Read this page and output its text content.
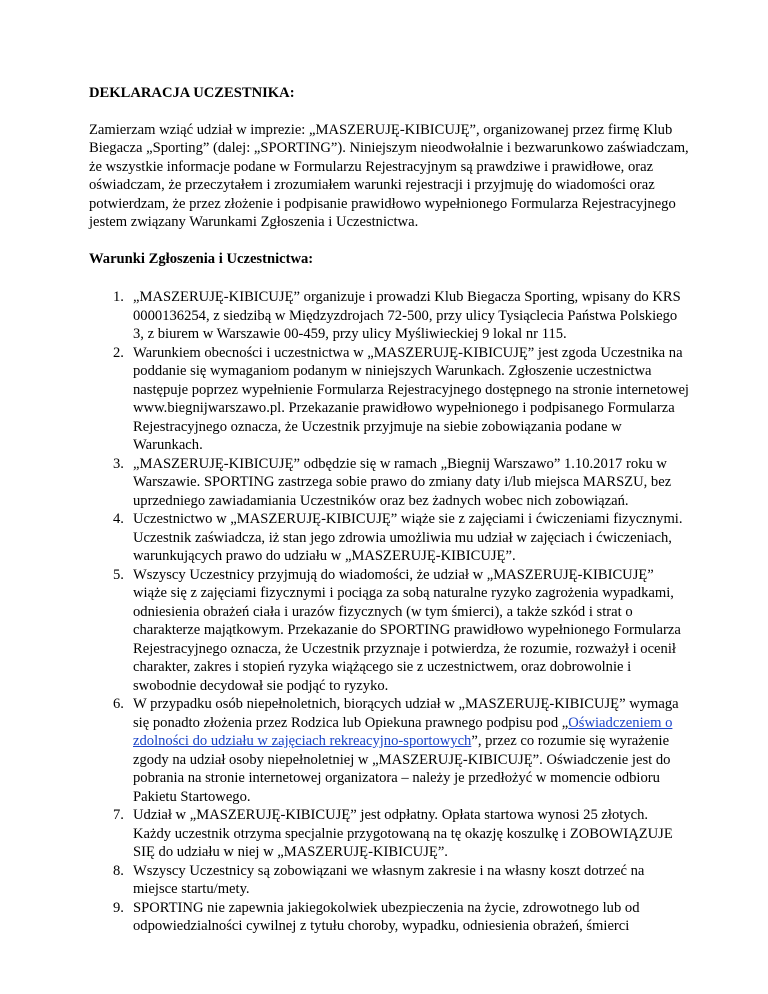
DEKLARACJA UCZESTNIKA:
Zamierzam wziąć udział w imprezie: „MASZERUJĘ-KIBICUJĘ”, organizowanej przez firmę Klub Biegacza „Sporting” (dalej: „SPORTING”). Niniejszym nieodwołalnie i bezwarunkowo zaświadczam, że wszystkie informacje podane w Formularzu Rejestracyjnym są prawdziwe i prawidłowe, oraz oświadczam, że przeczytałem i zrozumiałem warunki rejestracji i przyjmuję do wiadomości oraz potwierdzam, że przez złożenie i podpisanie prawidłowo wypełnionego Formularza Rejestracyjnego jestem związany Warunkami Zgłoszenia i Uczestnictwa.
Warunki Zgłoszenia i Uczestnictwa:
1. „MASZERUJĘ-KIBICUJĘ” organizuje i prowadzi Klub Biegacza Sporting, wpisany do KRS 0000136254, z siedzibą w Międzyzdrojach 72-500, przy ulicy Tysiąclecia Państwa Polskiego 3, z biurem w Warszawie 00-459, przy ulicy Myśliwieckiej 9 lokal nr 115.
2. Warunkiem obecności i uczestnictwa w „MASZERUJĘ-KIBICUJĘ” jest zgoda Uczestnika na poddanie się wymaganiom podanym w niniejszych Warunkach. Zgłoszenie uczestnictwa następuje poprzez wypełnienie Formularza Rejestracyjnego dostępnego na stronie internetowej www.biegnijwarszawo.pl. Przekazanie prawidłowo wypełnionego i podpisanego Formularza Rejestracyjnego oznacza, że Uczestnik przyjmuje na siebie zobowiązania podane w Warunkach.
3. „MASZERUJĘ-KIBICUJĘ” odbędzie się w ramach „Biegnij Warszawo” 1.10.2017 roku w Warszawie. SPORTING zastrzega sobie prawo do zmiany daty i/lub miejsca MARSZU, bez uprzedniego zawiadamiania Uczestników oraz bez żadnych wobec nich zobowiązań.
4. Uczestnictwo w „MASZERUJĘ-KIBICUJĘ” wiąże sie z zajęciami i ćwiczeniami fizycznymi. Uczestnik zaświadcza, iż stan jego zdrowia umożliwia mu udział w zajęciach i ćwiczeniach, warunkujących prawo do udziału w „MASZERUJĘ-KIBICUJĘ”.
5. Wszyscy Uczestnicy przyjmują do wiadomości, że udział w „MASZERUJĘ-KIBICUJĘ” wiąże się z zajęciami fizycznymi i pociąga za sobą naturalne ryzyko zagrożenia wypadkami, odniesienia obrażeń ciała i urazów fizycznych (w tym śmierci), a także szkód i strat o charakterze majątkowym. Przekazanie do SPORTING prawidłowo wypełnionego Formularza Rejestracyjnego oznacza, że Uczestnik przyznaje i potwierdza, że rozumie, rozważył i ocenił charakter, zakres i stopień ryzyka wiążącego sie z uczestnictwem, oraz dobrowolnie i swobodnie decydował sie podjąć to ryzyko.
6. W przypadku osób niepełnoletnich, biorących udział w „MASZERUJĘ-KIBICUJĘ” wymaga się ponadto złożenia przez Rodzica lub Opiekuna prawnego podpisu pod „Oświadczeniem o zdolności do udziału w zajęciach rekreacyjno-sportowych”, przez co rozumie się wyrażenie zgody na udział osoby niepełnoletniej w „MASZERUJĘ-KIBICUJĘ”. Oświadczenie jest do pobrania na stronie internetowej organizatora – należy je przedłożyć w momencie odbioru Pakietu Startowego.
7. Udział w „MASZERUJĘ-KIBICUJĘ” jest odpłatny. Opłata startowa wynosi 25 złotych. Każdy uczestnik otrzyma specjalnie przygotowaną na tę okazję koszulkę i ZOBOWIĄZUJE SIĘ do udziału w niej w „MASZERUJĘ-KIBICUJĘ”.
8. Wszyscy Uczestnicy są zobowiązani we własnym zakresie i na własny koszt dotrzeć na miejsce startu/mety.
9. SPORTING nie zapewnia jakiegokolwiek ubezpieczenia na życie, zdrowotnego lub od odpowiedzialności cywilnej z tytułu choroby, wypadku, odniesienia obrażeń, śmierci
